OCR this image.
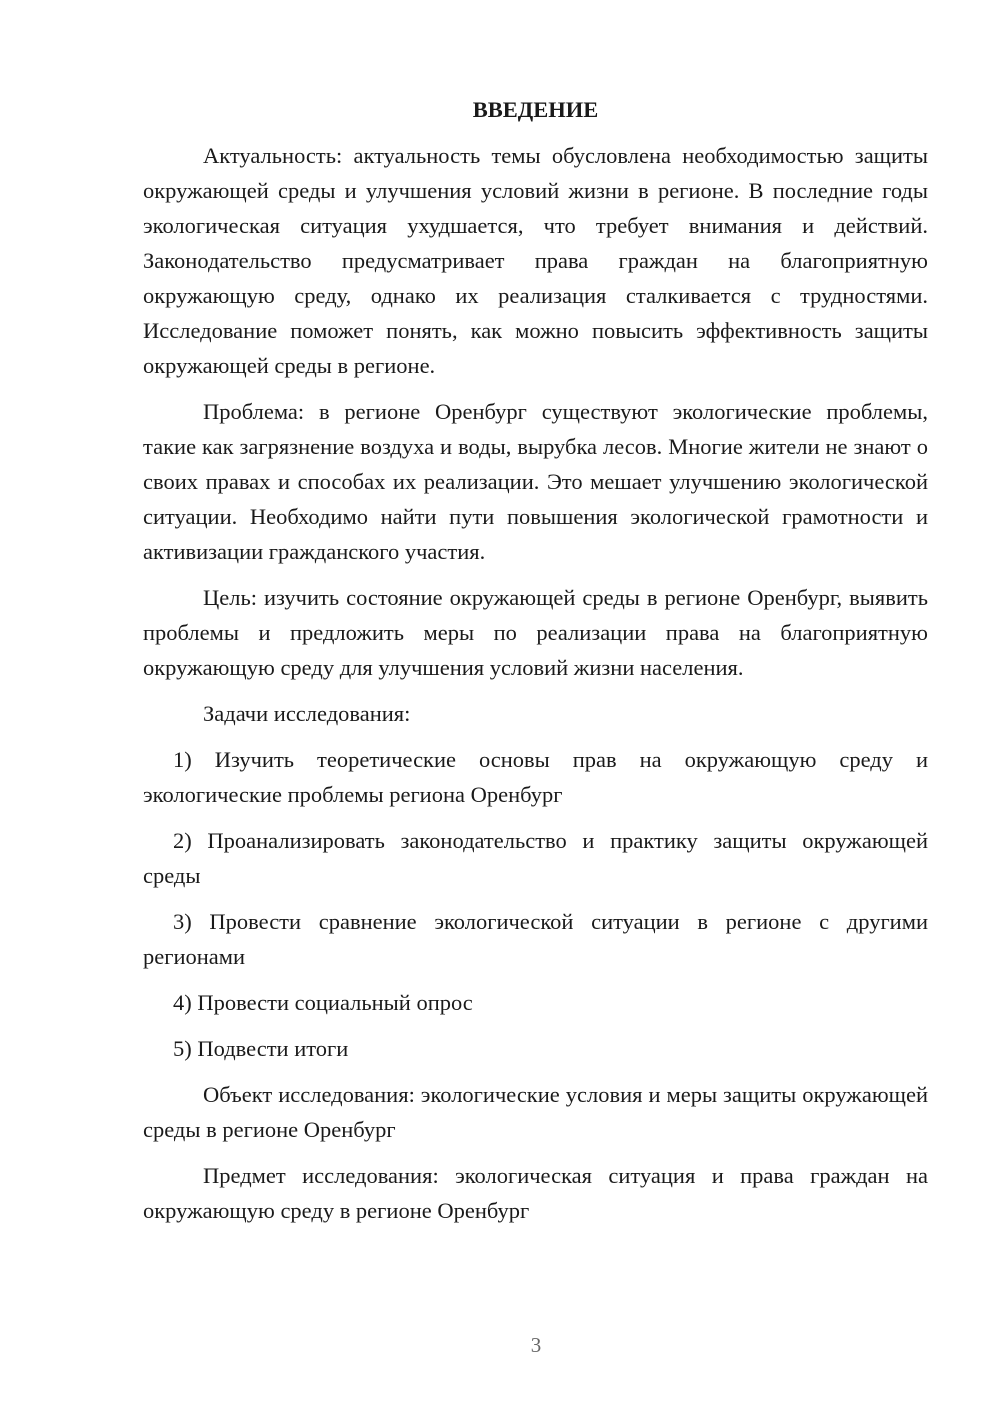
ВВЕДЕНИЕ

Актуальность: актуальность темы обусловлена необходимостью защиты окружающей среды и улучшения условий жизни в регионе. В последние годы экологическая ситуация ухудшается, что требует внимания и действий. Законодательство предусматривает права граждан на благоприятную окружающую среду, однако их реализация сталкивается с трудностями. Исследование поможет понять, как можно повысить эффективность защиты окружающей среды в регионе.

Проблема: в регионе Оренбург существуют экологические проблемы, такие как загрязнение воздуха и воды, вырубка лесов. Многие жители не знают о своих правах и способах их реализации. Это мешает улучшению экологической ситуации. Необходимо найти пути повышения экологической грамотности и активизации гражданского участия.

Цель: изучить состояние окружающей среды в регионе Оренбург, выявить проблемы и предложить меры по реализации права на благоприятную окружающую среду для улучшения условий жизни населения.

Задачи исследования:

1) Изучить теоретические основы прав на окружающую среду и экологические проблемы региона Оренбург

2) Проанализировать законодательство и практику защиты окружающей среды

3) Провести сравнение экологической ситуации в регионе с другими регионами

4) Провести социальный опрос

5) Подвести итоги

Объект исследования: экологические условия и меры защиты окружающей среды в регионе Оренбург

Предмет исследования: экологическая ситуация и права граждан на окружающую среду в регионе Оренбург

3
